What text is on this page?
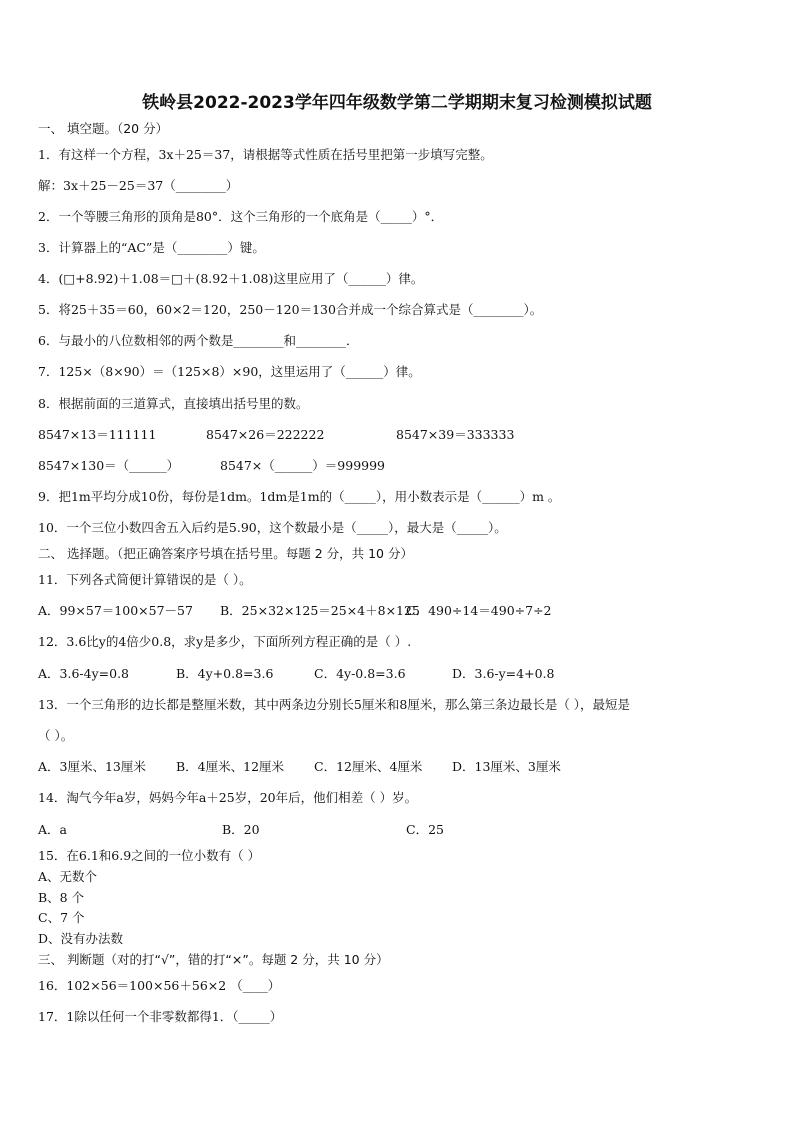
铁岭县2022-2023学年四年级数学第二学期期末复习检测模拟试题
一、 填空题。（20 分）
1．有这样一个方程，3x＋25＝37，请根据等式性质在括号里把第一步填写完整。
解：3x＋25－25＝37（________）
2．一个等腰三角形的顶角是80°．这个三角形的一个底角是（_____）°．
3．计算器上的“AC”是（________）键。
4．(□+8.92)＋1.08＝□＋(8.92＋1.08)这里应用了（______）律。
5．将25＋35＝60，60×2＝120，250－120＝130合并成一个综合算式是（________）。
6．与最小的八位数相邻的两个数是________和________．
7．125×（8×90）＝（125×8）×90，这里运用了（______）律。
8．根据前面的三道算式，直接填出括号里的数。
8547×13＝111111	8547×26＝222222	8547×39＝333333
8547×130＝（______）	8547×（______）＝999999
9．把1m平均分成10份，每份是1dm。1dm是1m的（_____），用小数表示是（______）m 。
10．一个三位小数四舍五入后约是5.90，这个数最小是（_____），最大是（_____）。
二、 选择题。（把正确答案序号填在括号里。每题 2 分，共 10 分）
11．下列各式简便计算错误的是（ ）。
A．99×57＝100×57－57 B．25×32×125＝25×4＋8×125
C．490÷14＝490÷7÷2
12．3.6比y的4倍少0.8，求y是多少，下面所列方程正确的是（ ）.
A．3.6-4y=0.8	B．4y+0.8=3.6	C．4y-0.8=3.6	D．3.6-y=4+0.8
13．一个三角形的边长都是整厘米数，其中两条边分别长5厘米和8厘米，那么第三条边最长是（ ），最短是
（ ）。
A．3厘米、13厘米 B．4厘米、12厘米 C．12厘米、4厘米 D．13厘米、3厘米
14．淘气今年a岁，妈妈今年a＋25岁，20年后，他们相差（ ）岁。
A．a	B．20	C．25
15．在6.1和6.9之间的一位小数有（ ）
A、无数个
B、8 个
C、7 个
D、没有办法数
三、 判断题（对的打“√”，错的打“×”。每题 2 分，共 10 分）
16．102×56＝100×56＋56×2 （____）
17．1除以任何一个非零数都得1．（_____）
